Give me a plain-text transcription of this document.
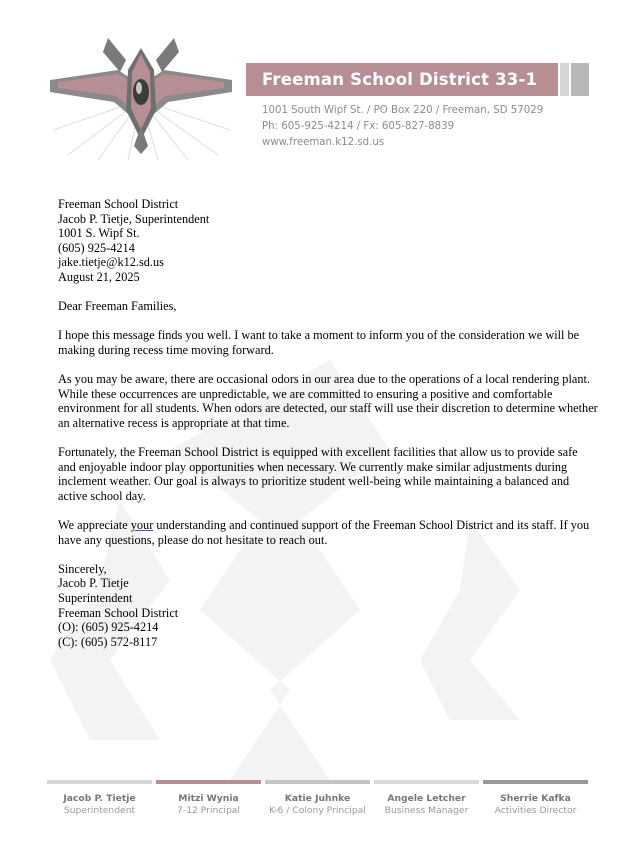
Freeman School District 33-1
1001 South Wipf St. / PO Box 220 / Freeman, SD 57029
Ph: 605-925-4214 / Fx: 605-827-8839
www.freeman.k12.sd.us
Freeman School District
Jacob P. Tietje, Superintendent
1001 S. Wipf St.
(605) 925-4214
jake.tietje@k12.sd.us
August 21, 2025

Dear Freeman Families,

I hope this message finds you well. I want to take a moment to inform you of the consideration we will be making during recess time moving forward.

As you may be aware, there are occasional odors in our area due to the operations of a local rendering plant. While these occurrences are unpredictable, we are committed to ensuring a positive and comfortable environment for all students. When odors are detected, our staff will use their discretion to determine whether an alternative recess is appropriate at that time.

Fortunately, the Freeman School District is equipped with excellent facilities that allow us to provide safe and enjoyable indoor play opportunities when necessary. We currently make similar adjustments during inclement weather. Our goal is always to prioritize student well-being while maintaining a balanced and active school day.

We appreciate your understanding and continued support of the Freeman School District and its staff. If you have any questions, please do not hesitate to reach out.

Sincerely,
Jacob P. Tietje
Superintendent
Freeman School District
(O): (605) 925-4214
(C): (605) 572-8117
Jacob P. Tietje
Superintendent
Mitzi Wynia
7-12 Principal
Katie Juhnke
K-6 / Colony Principal
Angele Letcher
Business Manager
Sherrie Kafka
Activities Director
